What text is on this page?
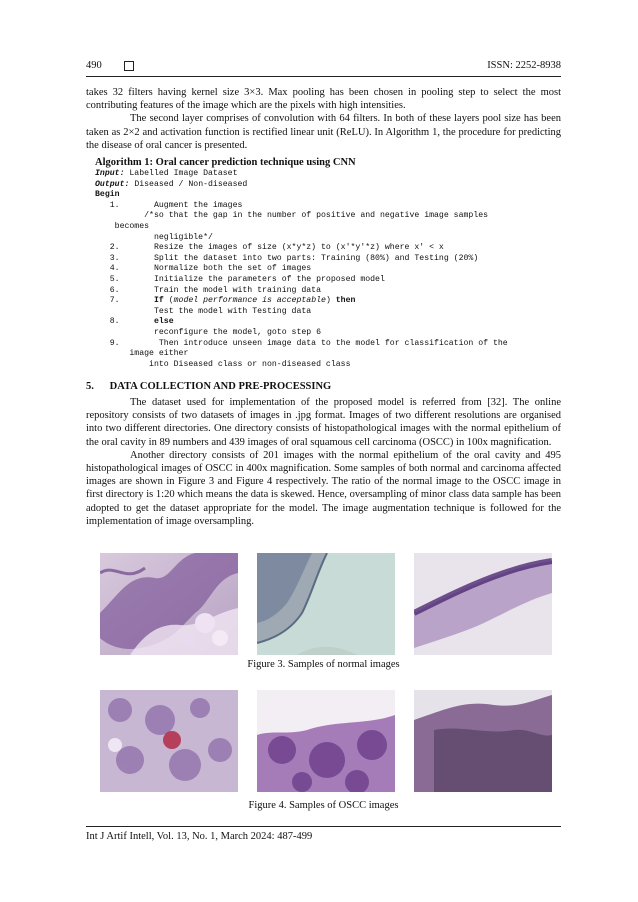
490	ISSN: 2252-8938

takes 32 filters having kernel size 3×3. Max pooling has been chosen in pooling step to select the most contributing features of the image which are the pixels with high intensities.

The second layer comprises of convolution with 64 filters. In both of these layers pool size has been taken as 2×2 and activation function is rectified linear unit (ReLU). In Algorithm 1, the procedure for predicting the disease of oral cancer is presented.

Algorithm 1: Oral cancer prediction technique using CNN
Input: Labelled Image Dataset
Output: Diseased / Non-diseased
Begin
1.       Augment the images
/*so that the gap in the number of positive and negative image samples
becomes
negligible*/
2.       Resize the images of size (x*y*z) to (x'*y'*z) where x' < x
3.       Split the dataset into two parts: Training (80%) and Testing (20%)
4.       Normalize both the set of images
5.       Initialize the parameters of the proposed model
6.       Train the model with training data
7.       If (model performance is acceptable) then
Test the model with Testing data
8.       else
reconfigure the model, goto step 6
9.        Then introduce unseen image data to the model for classification of the
image either
into Diseased class or non-diseased class
5.      DATA COLLECTION AND PRE-PROCESSING

The dataset used for implementation of the proposed model is referred from [32]. The online repository consists of two datasets of images in .jpg format. Images of two different resolutions are organised into two different directories. One directory consists of histopathological images with the normal epithelium of the oral cavity in 89 numbers and 439 images of oral squamous cell carcinoma (OSCC) in 100x magnification.

Another directory consists of 201 images with the normal epithelium of the oral cavity and 495 histopathological images of OSCC in 400x magnification. Some samples of both normal and carcinoma affected images are shown in Figure 3 and Figure 4 respectively. The ratio of the normal image to the OSCC image in first directory is 1:20 which means the data is skewed. Hence, oversampling of minor class data sample has been adopted to get the dataset appropriate for the model. The image augmentation technique is followed for the implementation of image oversampling.

Figure 3. Samples of normal images
Figure 4. Samples of OSCC images
Int J Artif Intell, Vol. 13, No. 1, March 2024: 487-499
